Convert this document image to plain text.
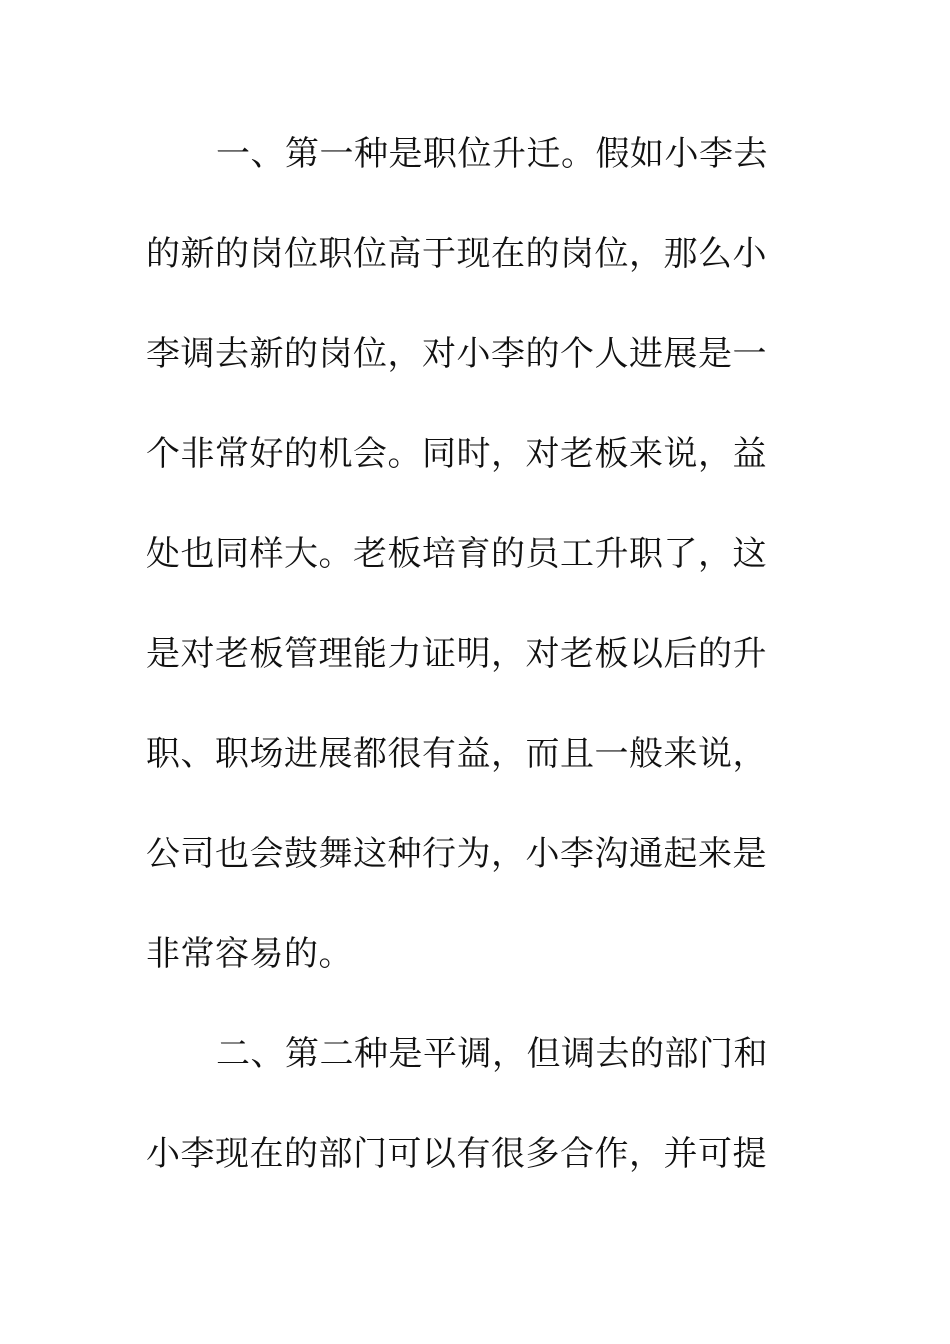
一、第一种是职位升迁。假如小李去
的新的岗位职位高于现在的岗位，那么小
李调去新的岗位，对小李的个人进展是一
个非常好的机会。同时，对老板来说，益
处也同样大。老板培育的员工升职了，这
是对老板管理能力证明，对老板以后的升
职、职场进展都很有益，而且一般来说，
公司也会鼓舞这种行为，小李沟通起来是
非常容易的。
二、第二种是平调，但调去的部门和
小李现在的部门可以有很多合作，并可提
